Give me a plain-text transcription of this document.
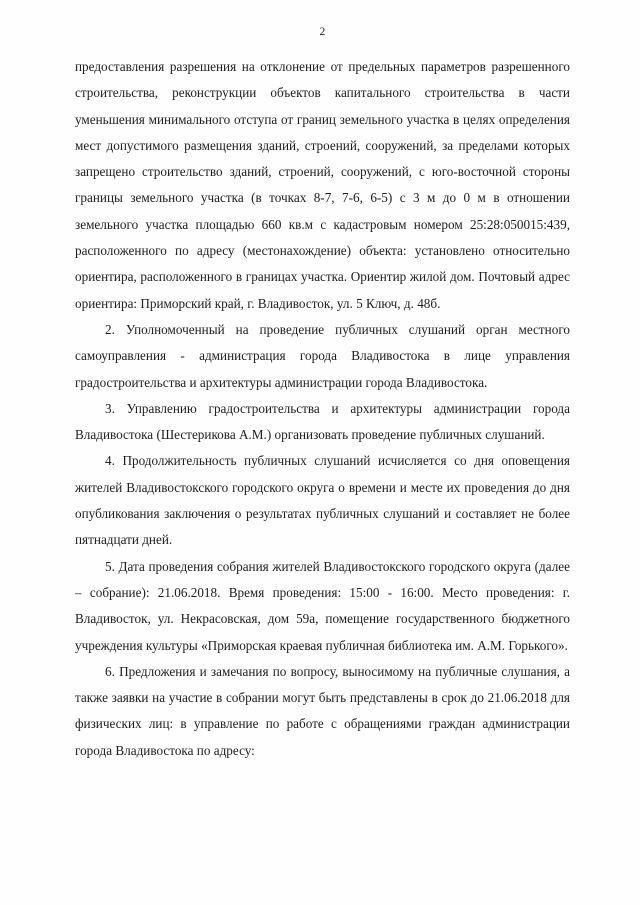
2

предоставления разрешения на отклонение от предельных параметров разрешенного строительства, реконструкции объектов капитального строительства в части уменьшения минимального отступа от границ земельного участка в целях определения мест допустимого размещения зданий, строений, сооружений, за пределами которых запрещено строительство зданий, строений, сооружений, с юго-восточной стороны границы земельного участка (в точках 8-7, 7-6, 6-5) с 3 м до 0 м в отношении земельного участка площадью 660 кв.м с кадастровым номером 25:28:050015:439, расположенного по адресу (местонахождение) объекта: установлено относительно ориентира, расположенного в границах участка. Ориентир жилой дом. Почтовый адрес ориентира: Приморский край, г. Владивосток, ул. 5 Ключ, д. 48б.

2. Уполномоченный на проведение публичных слушаний орган местного самоуправления - администрация города Владивостока в лице управления градостроительства и архитектуры администрации города Владивостока.

3. Управлению градостроительства и архитектуры администрации города Владивостока (Шестерикова А.М.) организовать проведение публичных слушаний.

4. Продолжительность публичных слушаний исчисляется со дня оповещения жителей Владивостокского городского округа о времени и месте их проведения до дня опубликования заключения о результатах публичных слушаний и составляет не более пятнадцати дней.

5. Дата проведения собрания жителей Владивостокского городского округа (далее – собрание): 21.06.2018. Время проведения: 15:00 - 16:00. Место проведения: г. Владивосток, ул. Некрасовская, дом 59а, помещение государственного бюджетного учреждения культуры «Приморская краевая публичная библиотека им. А.М. Горького».

6. Предложения и замечания по вопросу, выносимому на публичные слушания, а также заявки на участие в собрании могут быть представлены в срок до 21.06.2018 для физических лиц: в управление по работе с обращениями граждан администрации города Владивостока по адресу:
